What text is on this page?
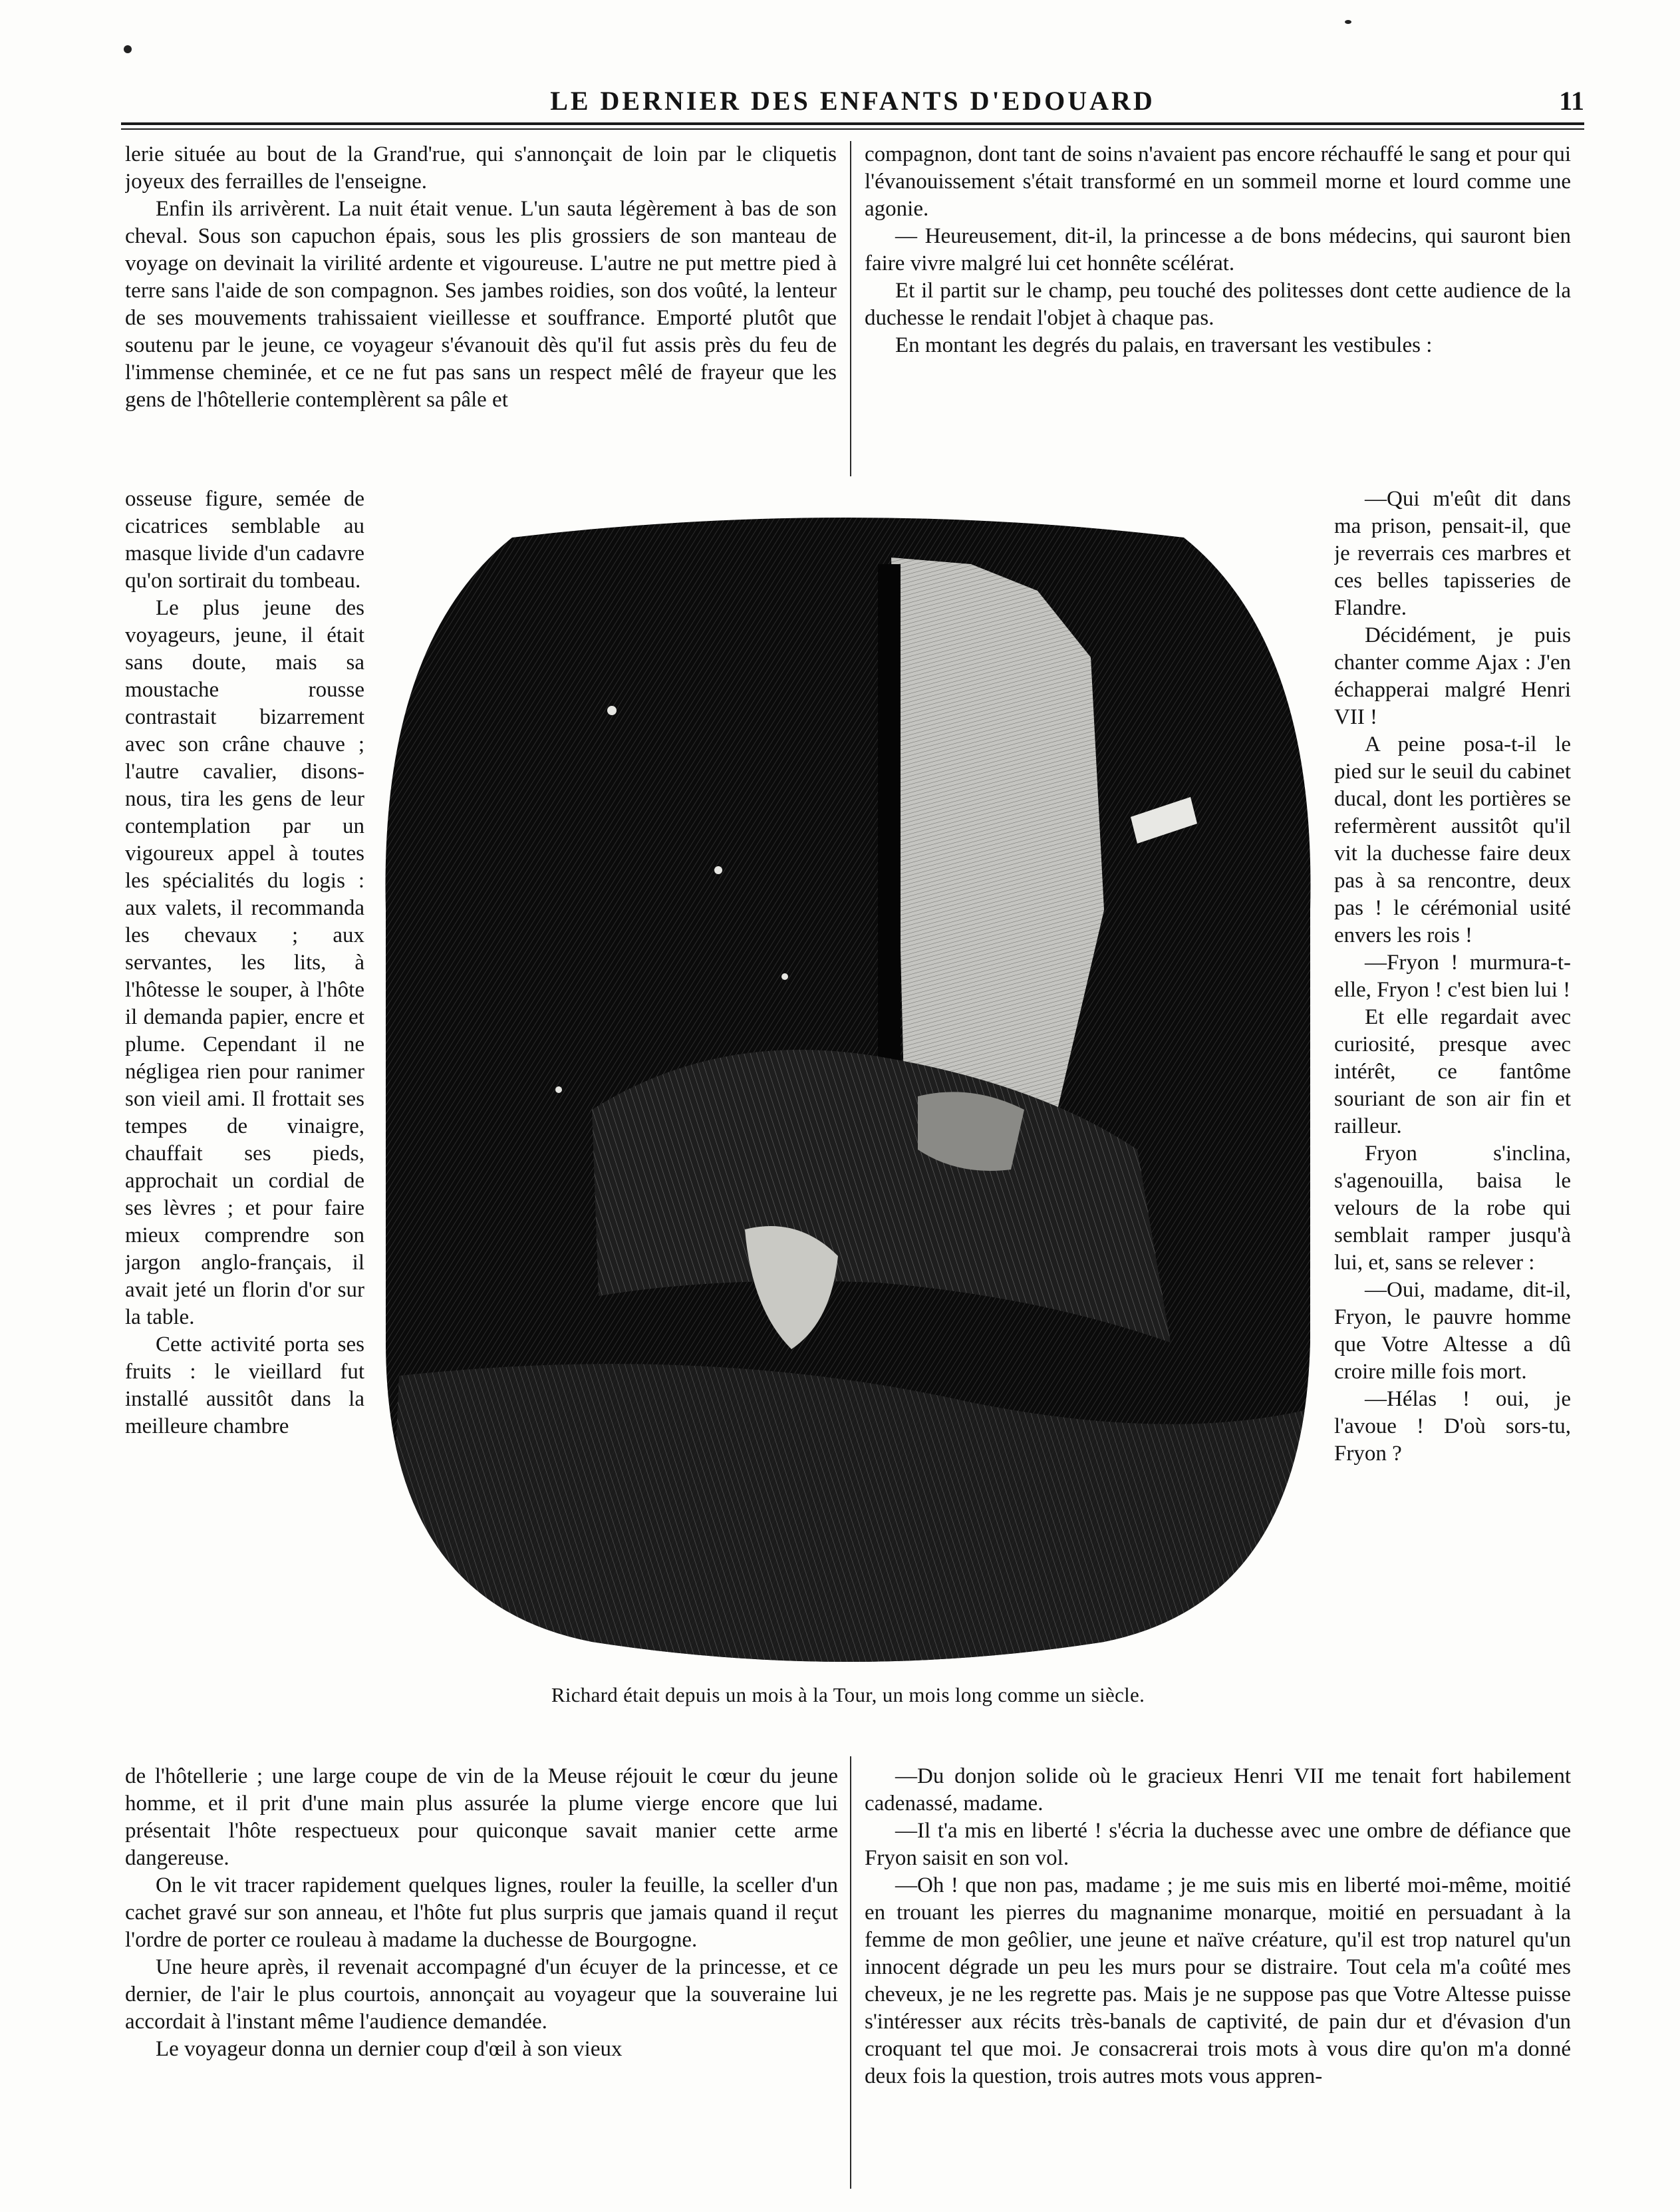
LE DERNIER DES ENFANTS D'EDOUARD	11

lerie située au bout de la Grand'rue, qui s'annonçait de loin par le cliquetis joyeux des ferrailles de l'enseigne.

Enfin ils arrivèrent. La nuit était venue. L'un sauta légèrement à bas de son cheval. Sous son capuchon épais, sous les plis grossiers de son manteau de voyage on devinait la virilité ardente et vigoureuse. L'autre ne put mettre pied à terre sans l'aide de son compagnon. Ses jambes roidies, son dos voûté, la lenteur de ses mouvements trahissaient vieillesse et souffrance. Emporté plutôt que soutenu par le jeune, ce voyageur s'évanouit dès qu'il fut assis près du feu de l'immense cheminée, et ce ne fut pas sans un respect mêlé de frayeur que les gens de l'hôtellerie contemplèrent sa pâle et

compagnon, dont tant de soins n'avaient pas encore réchauffé le sang et pour qui l'évanouissement s'était transformé en un sommeil morne et lourd comme une agonie.

— Heureusement, dit-il, la princesse a de bons médecins, qui sauront bien faire vivre malgré lui cet honnête scélérat.

Et il partit sur le champ, peu touché des politesses dont cette audience de la duchesse le rendait l'objet à chaque pas.

En montant les degrés du palais, en traversant les vestibules :

osseuse figure, semée de cicatrices semblable au masque livide d'un cadavre qu'on sortirait du tombeau.

Le plus jeune des voyageurs, jeune, il était sans doute, mais sa moustache rousse contrastait bizarrement avec son crâne chauve ; l'autre cavalier, disons-nous, tira les gens de leur contemplation par un vigoureux appel à toutes les spécialités du logis : aux valets, il recommanda les chevaux ; aux servantes, les lits, à l'hôtesse le souper, à l'hôte il demanda papier, encre et plume. Cependant il ne négligea rien pour ranimer son vieil ami. Il frottait ses tempes de vinaigre, chauffait ses pieds, approchait un cordial de ses lèvres ; et pour faire mieux comprendre son jargon anglo-français, il avait jeté un florin d'or sur la table.

Cette activité porta ses fruits : le vieillard fut installé aussitôt dans la meilleure chambre

—Qui m'eût dit dans ma prison, pensait-il, que je reverrais ces marbres et ces belles tapisseries de Flandre.

Décidément, je puis chanter comme Ajax : J'en échapperai malgré Henri VII !

A peine posa-t-il le pied sur le seuil du cabinet ducal, dont les portières se refermèrent aussitôt qu'il vit la duchesse faire deux pas à sa rencontre, deux pas ! le cérémonial usité envers les rois !

—Fryon ! murmura-t-elle, Fryon ! c'est bien lui !

Et elle regardait avec curiosité, presque avec intérêt, ce fantôme souriant de son air fin et railleur.

Fryon s'inclina, s'agenouilla, baisa le velours de la robe qui semblait ramper jusqu'à lui, et, sans se relever :

—Oui, madame, dit-il, Fryon, le pauvre homme que Votre Altesse a dû croire mille fois mort.

—Hélas ! oui, je l'avoue ! D'où sors-tu, Fryon ?

Richard était depuis un mois à la Tour, un mois long comme un siècle.

de l'hôtellerie ; une large coupe de vin de la Meuse réjouit le cœur du jeune homme, et il prit d'une main plus assurée la plume vierge encore que lui présentait l'hôte respectueux pour quiconque savait manier cette arme dangereuse.

On le vit tracer rapidement quelques lignes, rouler la feuille, la sceller d'un cachet gravé sur son anneau, et l'hôte fut plus surpris que jamais quand il reçut l'ordre de porter ce rouleau à madame la duchesse de Bourgogne.

Une heure après, il revenait accompagné d'un écuyer de la princesse, et ce dernier, de l'air le plus courtois, annonçait au voyageur que la souveraine lui accordait à l'instant même l'audience demandée.

Le voyageur donna un dernier coup d'œil à son vieux

—Du donjon solide où le gracieux Henri VII me tenait fort habilement cadenassé, madame.

—Il t'a mis en liberté ! s'écria la duchesse avec une ombre de défiance que Fryon saisit en son vol.

—Oh ! que non pas, madame ; je me suis mis en liberté moi-même, moitié en trouant les pierres du magnanime monarque, moitié en persuadant à la femme de mon geôlier, une jeune et naïve créature, qu'il est trop naturel qu'un innocent dégrade un peu les murs pour se distraire. Tout cela m'a coûté mes cheveux, je ne les regrette pas. Mais je ne suppose pas que Votre Altesse puisse s'intéresser aux récits très-banals de captivité, de pain dur et d'évasion d'un croquant tel que moi. Je consacrerai trois mots à vous dire qu'on m'a donné deux fois la question, trois autres mots vous appren-
